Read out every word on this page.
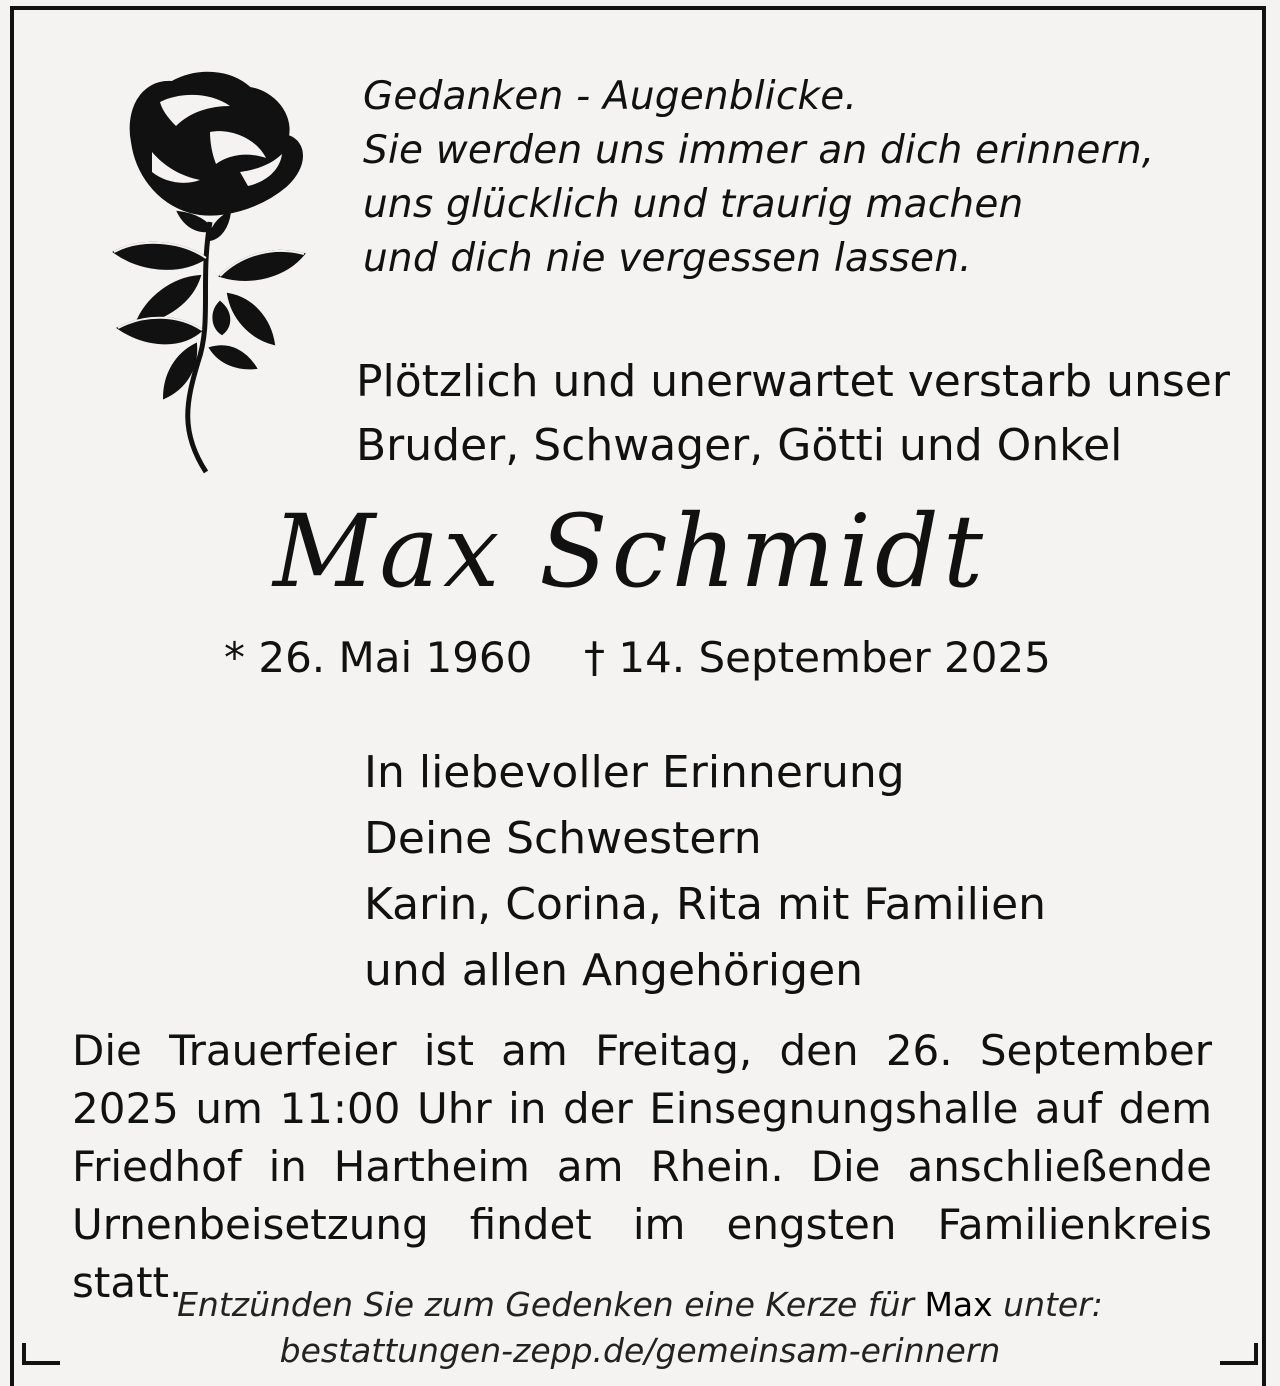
Gedanken - Augenblicke.
Sie werden uns immer an dich erinnern,
uns glücklich und traurig machen
und dich nie vergessen lassen.
Plötzlich und unerwartet verstarb unser
Bruder, Schwager, Götti und Onkel
Max Schmidt
* 26. Mai 1960 † 14. September 2025
In liebevoller Erinnerung
Deine Schwestern
Karin, Corina, Rita mit Familien
und allen Angehörigen
Die Trauerfeier ist am Freitag, den 26. September 2025 um 11:00 Uhr in der Einsegnungshalle auf dem Friedhof in Hartheim am Rhein. Die anschließende Urnenbeisetzung findet im engsten Familienkreis statt.
Entzünden Sie zum Gedenken eine Kerze für Max unter:
bestattungen-zepp.de/gemeinsam-erinnern
